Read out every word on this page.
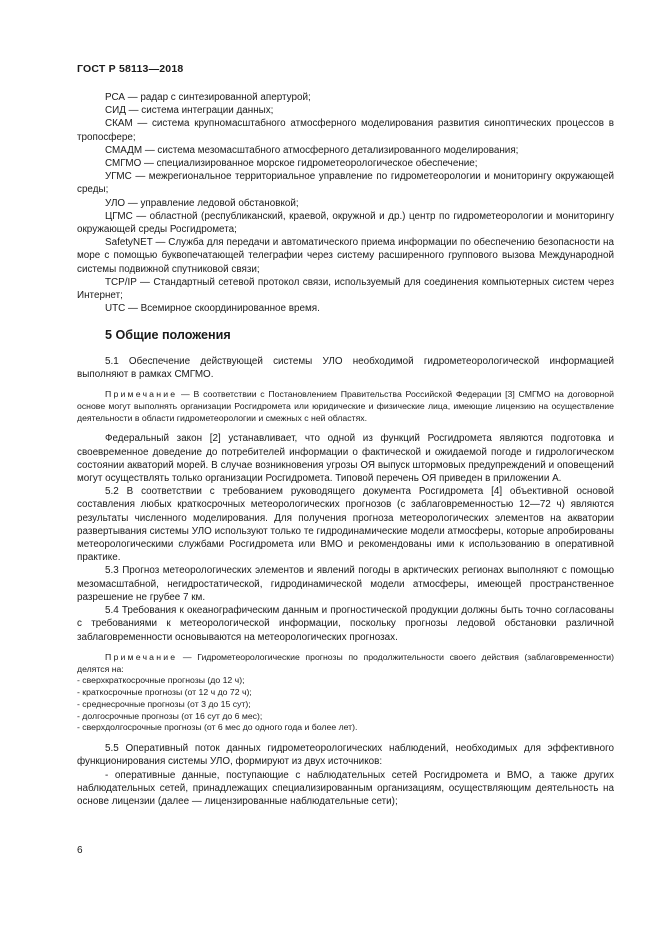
ГОСТ Р 58113—2018

РСА — радар с синтезированной апертурой;

СИД — система интеграции данных;

СКАМ — система крупномасштабного атмосферного моделирования развития синоптических процессов в тропосфере;

СМАДМ — система мезомасштабного атмосферного детализированного моделирования;

СМГМО — специализированное морское гидрометеорологическое обеспечение;

УГМС — межрегиональное территориальное управление по гидрометеорологии и мониторингу окружающей среды;

УЛО — управление ледовой обстановкой;

ЦГМС — областной (республиканский, краевой, окружной и др.) центр по гидрометеорологии и мониторингу окружающей среды Росгидромета;

SafetyNET — Служба для передачи и автоматического приема информации по обеспечению безопасности на море с помощью буквопечатающей телеграфии через систему расширенного группового вызова Международной системы подвижной спутниковой связи;

TCP/IP — Стандартный сетевой протокол связи, используемый для соединения компьютерных систем через Интернет;

UTC — Всемирное скоординированное время.

5 Общие положения

5.1 Обеспечение действующей системы УЛО необходимой гидрометеорологической информацией выполняют в рамках СМГМО.

Примечание — В соответствии с Постановлением Правительства Российской Федерации [3] СМГМО на договорной основе могут выполнять организации Росгидромета или юридические и физические лица, имеющие лицензию на осуществление деятельности в области гидрометеорологии и смежных с ней областях.

Федеральный закон [2] устанавливает, что одной из функций Росгидромета являются подготовка и своевременное доведение до потребителей информации о фактической и ожидаемой погоде и гидрологическом состоянии акваторий морей. В случае возникновения угрозы ОЯ выпуск штормовых предупреждений и оповещений могут осуществлять только организации Росгидромета. Типовой перечень ОЯ приведен в приложении А.

5.2 В соответствии с требованием руководящего документа Росгидромета [4] объективной основой составления любых краткосрочных метеорологических прогнозов (с заблаговременностью 12—72 ч) являются результаты численного моделирования. Для получения прогноза метеорологических элементов на акватории развертывания системы УЛО используют только те гидродинамические модели атмосферы, которые апробированы метеорологическими службами Росгидромета или ВМО и рекомендованы ими к использованию в оперативной практике.

5.3 Прогноз метеорологических элементов и явлений погоды в арктических регионах выполняют с помощью мезомасштабной, негидростатической, гидродинамической модели атмосферы, имеющей пространственное разрешение не грубее 7 км.

5.4 Требования к океанографическим данным и прогностической продукции должны быть точно согласованы с требованиями к метеорологической информации, поскольку прогнозы ледовой обстановки различной заблаговременности основываются на метеорологических прогнозах.

Примечание — Гидрометеорологические прогнозы по продолжительности своего действия (заблаговременности) делятся на:

- сверхкраткосрочные прогнозы (до 12 ч);

- краткосрочные прогнозы (от 12 ч до 72 ч);

- среднесрочные прогнозы (от 3 до 15 сут);

- долгосрочные прогнозы (от 16 сут до 6 мес);

- сверхдолгосрочные прогнозы (от 6 мес до одного года и более лет).

5.5 Оперативный поток данных гидрометеорологических наблюдений, необходимых для эффективного функционирования системы УЛО, формируют из двух источников:

- оперативные данные, поступающие с наблюдательных сетей Росгидромета и ВМО, а также других наблюдательных сетей, принадлежащих специализированным организациям, осуществляющим деятельность на основе лицензии (далее — лицензированные наблюдательные сети);

6
